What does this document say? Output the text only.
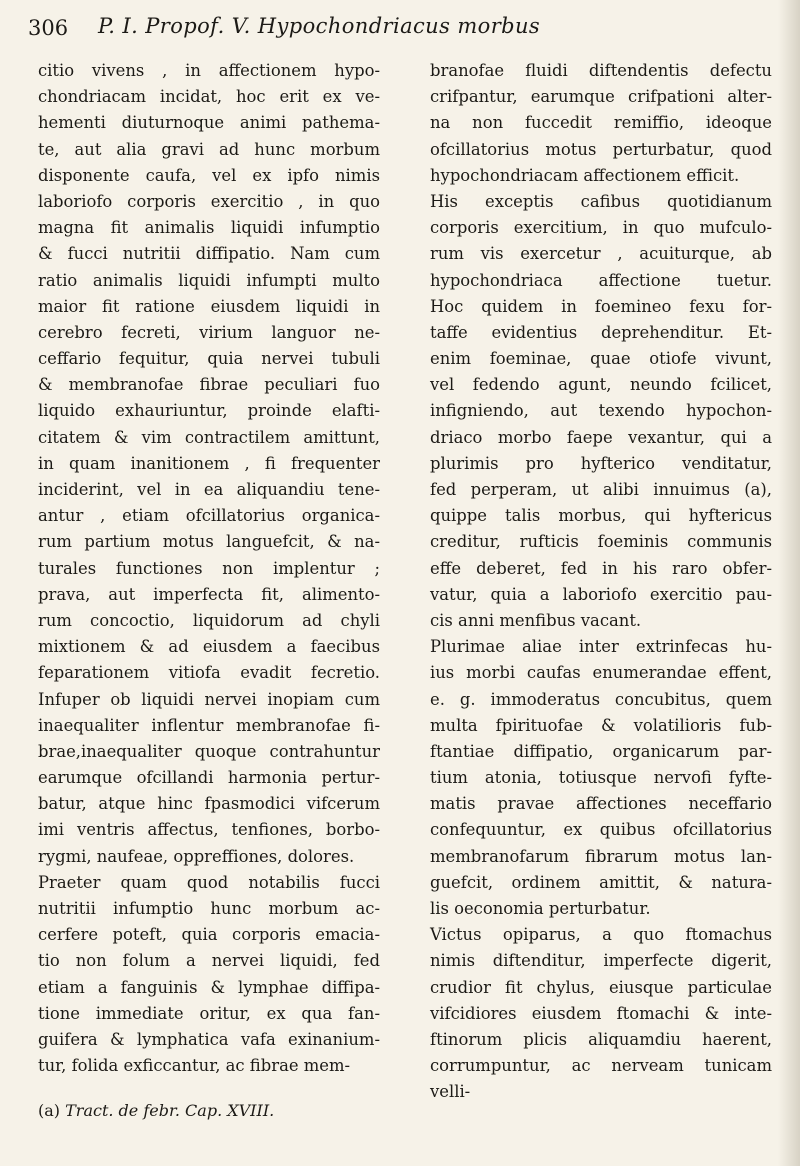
306 P. I. Propof. V. Hypochondriacus morbus
citio vivens , in affectionem hypo-
chondriacam incidat, hoc erit ex ve-
hementi diuturnoque animi pathema-
te, aut alia gravi ad hunc morbum
disponente caufa, vel ex ipfo nimis
laboriofo corporis exercitio , in quo
magna fit animalis liquidi infumptio
& fucci nutritii diffipatio. Nam cum
ratio animalis liquidi infumpti multo
maior fit ratione eiusdem liquidi in
cerebro fecreti, virium languor ne-
ceffario fequitur, quia nervei tubuli
& membranofae fibrae peculiari fuo
liquido exhauriuntur, proinde elafti-
citatem & vim contractilem amittunt,
in quam inanitionem , fi frequenter
inciderint, vel in ea aliquandiu tene-
antur , etiam ofcillatorius organica-
rum partium motus languefcit, & na-
turales functiones non implentur ;
prava, aut imperfecta fit, alimento-
rum concoctio, liquidorum ad chyli
mixtionem & ad eiusdem a faecibus
feparationem vitiofa evadit fecretio.
Infuper ob liquidi nervei inopiam cum
inaequaliter inflentur membranofae fi-
brae,inaequaliter quoque contrahuntur
earumque ofcillandi harmonia pertur-
batur, atque hinc fpasmodici vifcerum
imi ventris affectus, tenfiones, borbo-
rygmi, naufeae, oppreffiones, dolores.
Praeter quam quod notabilis fucci
nutritii infumptio hunc morbum ac-
cerfere poteft, quia corporis emacia-
tio non folum a nervei liquidi, fed
etiam a fanguinis & lymphae diffipa-
tione immediate oritur, ex qua fan-
guifera & lymphatica vafa exinanium-
tur, folida exficcantur, ac fibrae mem-
branofae fluidi diftendentis defectu
crifpantur, earumque crifpationi alter-
na non fuccedit remiffio, ideoque
ofcillatorius motus perturbatur, quod
hypochondriacam affectionem efficit.
His exceptis cafibus quotidianum
corporis exercitium, in quo mufculo-
rum vis exercetur , acuiturque, ab
hypochondriaca affectione tuetur.
Hoc quidem in foemineo fexu for-
taffe evidentius deprehenditur. Et-
enim foeminae, quae otiofe vivunt,
vel fedendo agunt, neundo fcilicet,
infigniendo, aut texendo hypochon-
driaco morbo faepe vexantur, qui a
plurimis pro hyfterico venditatur,
fed perperam, ut alibi innuimus (a),
quippe talis morbus, qui hyftericus
creditur, rufticis foeminis communis
effe deberet, fed in his raro obfer-
vatur, quia a laboriofo exercitio pau-
cis anni menfibus vacant.
Plurimae aliae inter extrinfecas hu-
ius morbi caufas enumerandae effent,
e. g. immoderatus concubitus, quem
multa fpirituofae & volatilioris fub-
ftantiae diffipatio, organicarum par-
tium atonia, totiusque nervofi fyfte-
matis pravae affectiones neceffario
confequuntur, ex quibus ofcillatorius
membranofarum fibrarum motus lan-
guefcit, ordinem amittit, & natura-
lis oeconomia perturbatur.
Victus opiparus, a quo ftomachus
nimis diftenditur, imperfecte digerit,
crudior fit chylus, eiusque particulae
vifcidiores eiusdem ftomachi & inte-
ftinorum plicis aliquamdiu haerent,
corrumpuntur, ac nerveam tunicam
velli-
(a) Tract. de febr. Cap. XVIII.
